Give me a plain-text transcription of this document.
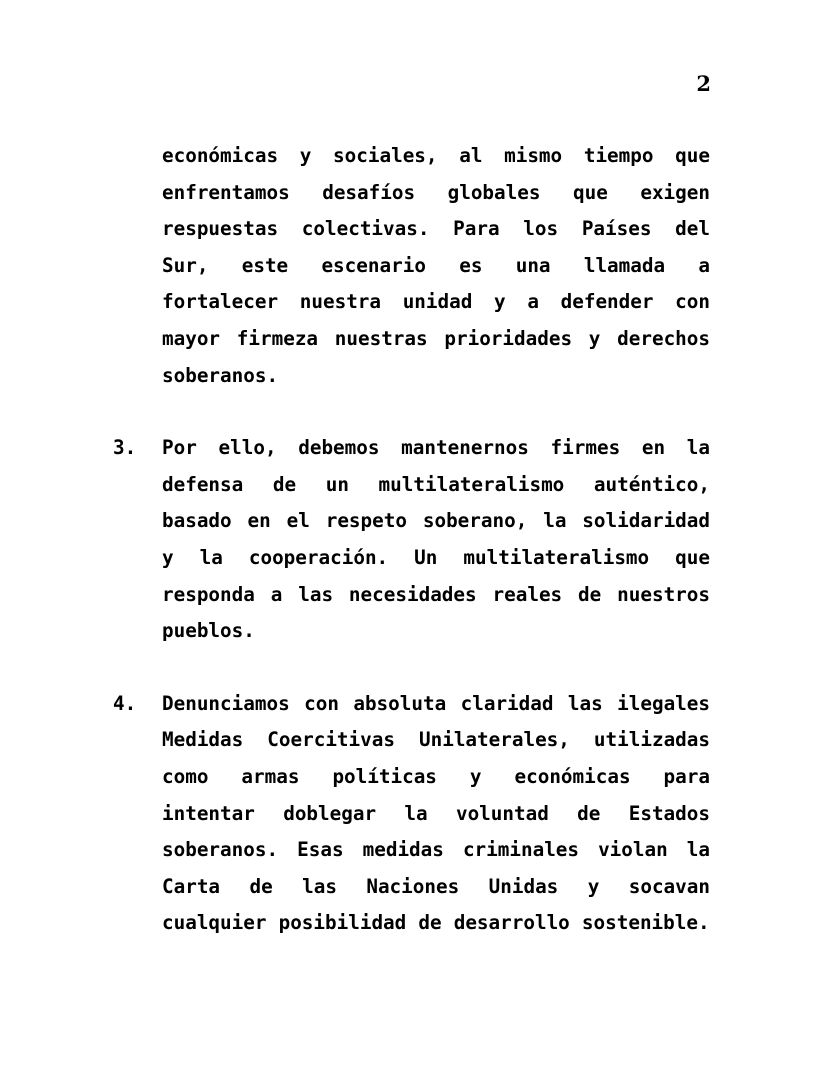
2
económicas y sociales, al mismo tiempo que enfrentamos desafíos globales que exigen respuestas colectivas. Para los Países del Sur, este escenario es una llamada a fortalecer nuestra unidad y a defender con mayor firmeza nuestras prioridades y derechos soberanos.
3.	Por ello, debemos mantenernos firmes en la defensa de un multilateralismo auténtico, basado en el respeto soberano, la solidaridad y la cooperación. Un multilateralismo que responda a las necesidades reales de nuestros pueblos.
4.	Denunciamos con absoluta claridad las ilegales Medidas Coercitivas Unilaterales, utilizadas como armas políticas y económicas para intentar doblegar la voluntad de Estados soberanos. Esas medidas criminales violan la Carta de las Naciones Unidas y socavan cualquier posibilidad de desarrollo sostenible.
